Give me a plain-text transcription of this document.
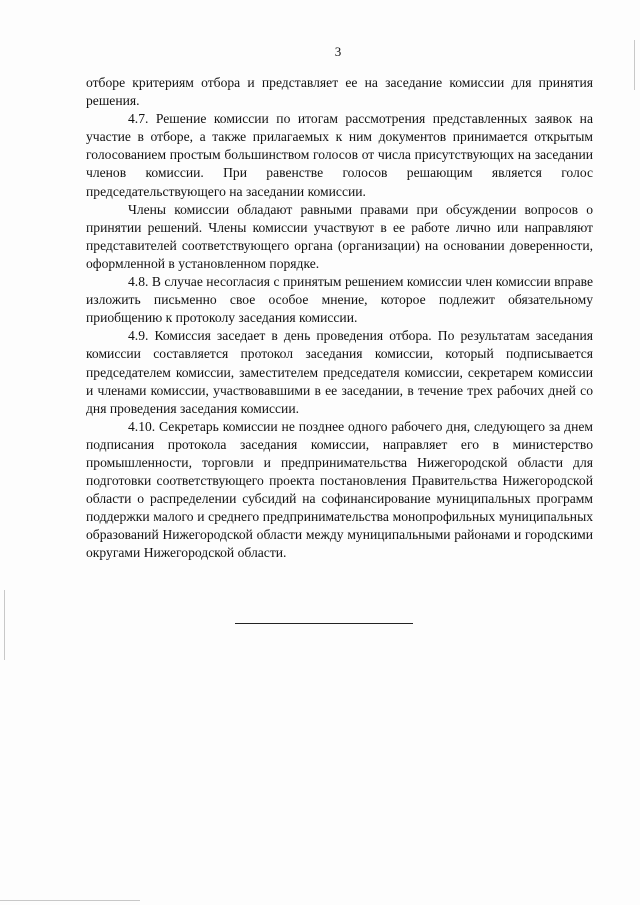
3

отборе критериям отбора и представляет ее на заседание комиссии для принятия решения.

4.7. Решение комиссии по итогам рассмотрения представленных заявок на участие в отборе, а также прилагаемых к ним документов принимается открытым голосованием простым большинством голосов от числа присутствующих на заседании членов комиссии. При равенстве голосов решающим является голос председательствующего на заседании комиссии.

Члены комиссии обладают равными правами при обсуждении вопросов о принятии решений. Члены комиссии участвуют в ее работе лично или направляют представителей соответствующего органа (организации) на основании доверенности, оформленной в установленном порядке.

4.8. В случае несогласия с принятым решением комиссии член комиссии вправе изложить письменно свое особое мнение, которое подлежит обязательному приобщению к протоколу заседания комиссии.

4.9. Комиссия заседает в день проведения отбора. По результатам заседания комиссии составляется протокол заседания комиссии, который подписывается председателем комиссии, заместителем председателя комиссии, секретарем комиссии и членами комиссии, участвовавшими в ее заседании, в течение трех рабочих дней со дня проведения заседания комиссии.

4.10. Секретарь комиссии не позднее одного рабочего дня, следующего за днем подписания протокола заседания комиссии, направляет его в министерство промышленности, торговли и предпринимательства Нижегородской области для подготовки соответствующего проекта постановления Правительства Нижегородской области о распределении субсидий на софинансирование муниципальных программ поддержки малого и среднего предпринимательства монопрофильных муниципальных образований Нижегородской области между муниципальными районами и городскими округами Нижегородской области.
